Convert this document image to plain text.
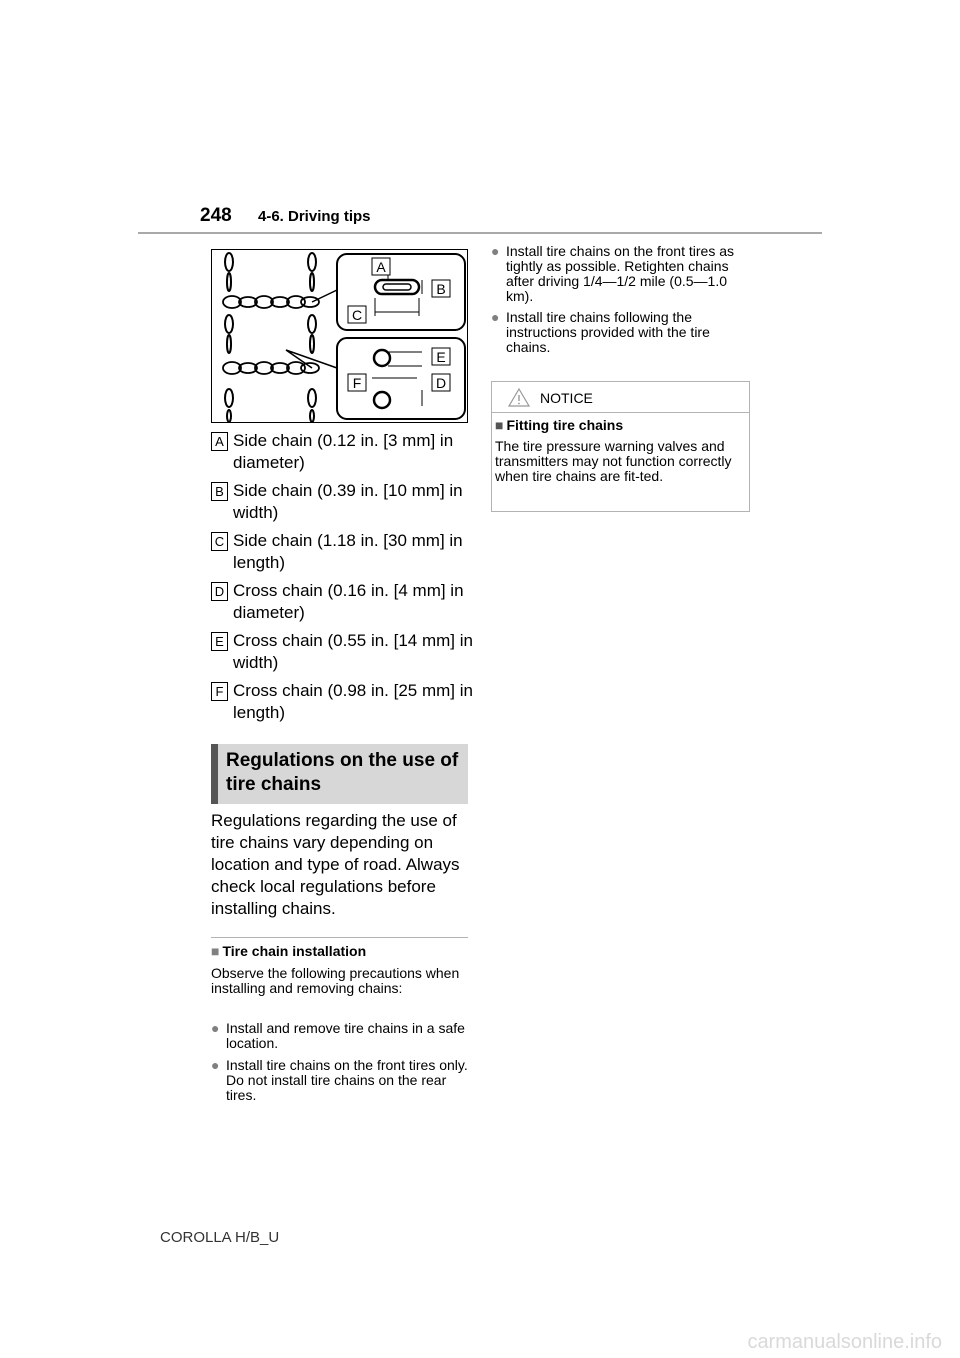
248 4-6. Driving tips
A
B
C
E
F	D
A Side chain (0.12 in. [3 mm] in diameter)
B Side chain (0.39 in. [10 mm] in width)
C Side chain (1.18 in. [30 mm] in length)
D Cross chain (0.16 in. [4 mm] in diameter)
E Cross chain (0.55 in. [14 mm] in width)
F Cross chain (0.98 in. [25 mm] in length)
Regulations on the use of tire chains
Regulations regarding the use of tire chains vary depending on location and type of road. Always check local regulations before installing chains.
■ Tire chain installation
Observe the following precautions when installing and removing chains:
● Install and remove tire chains in a safe location.
● Install tire chains on the front tires only. Do not install tire chains on the rear tires.
● Install tire chains on the front tires as tightly as possible. Retighten chains after driving 1/4—1/2 mile (0.5—1.0 km).
● Install tire chains following the instructions provided with the tire chains.
NOTICE
■ Fitting tire chains
The tire pressure warning valves and transmitters may not function correctly when tire chains are fit-ted.
COROLLA H/B_U
carmanualsonline.info
